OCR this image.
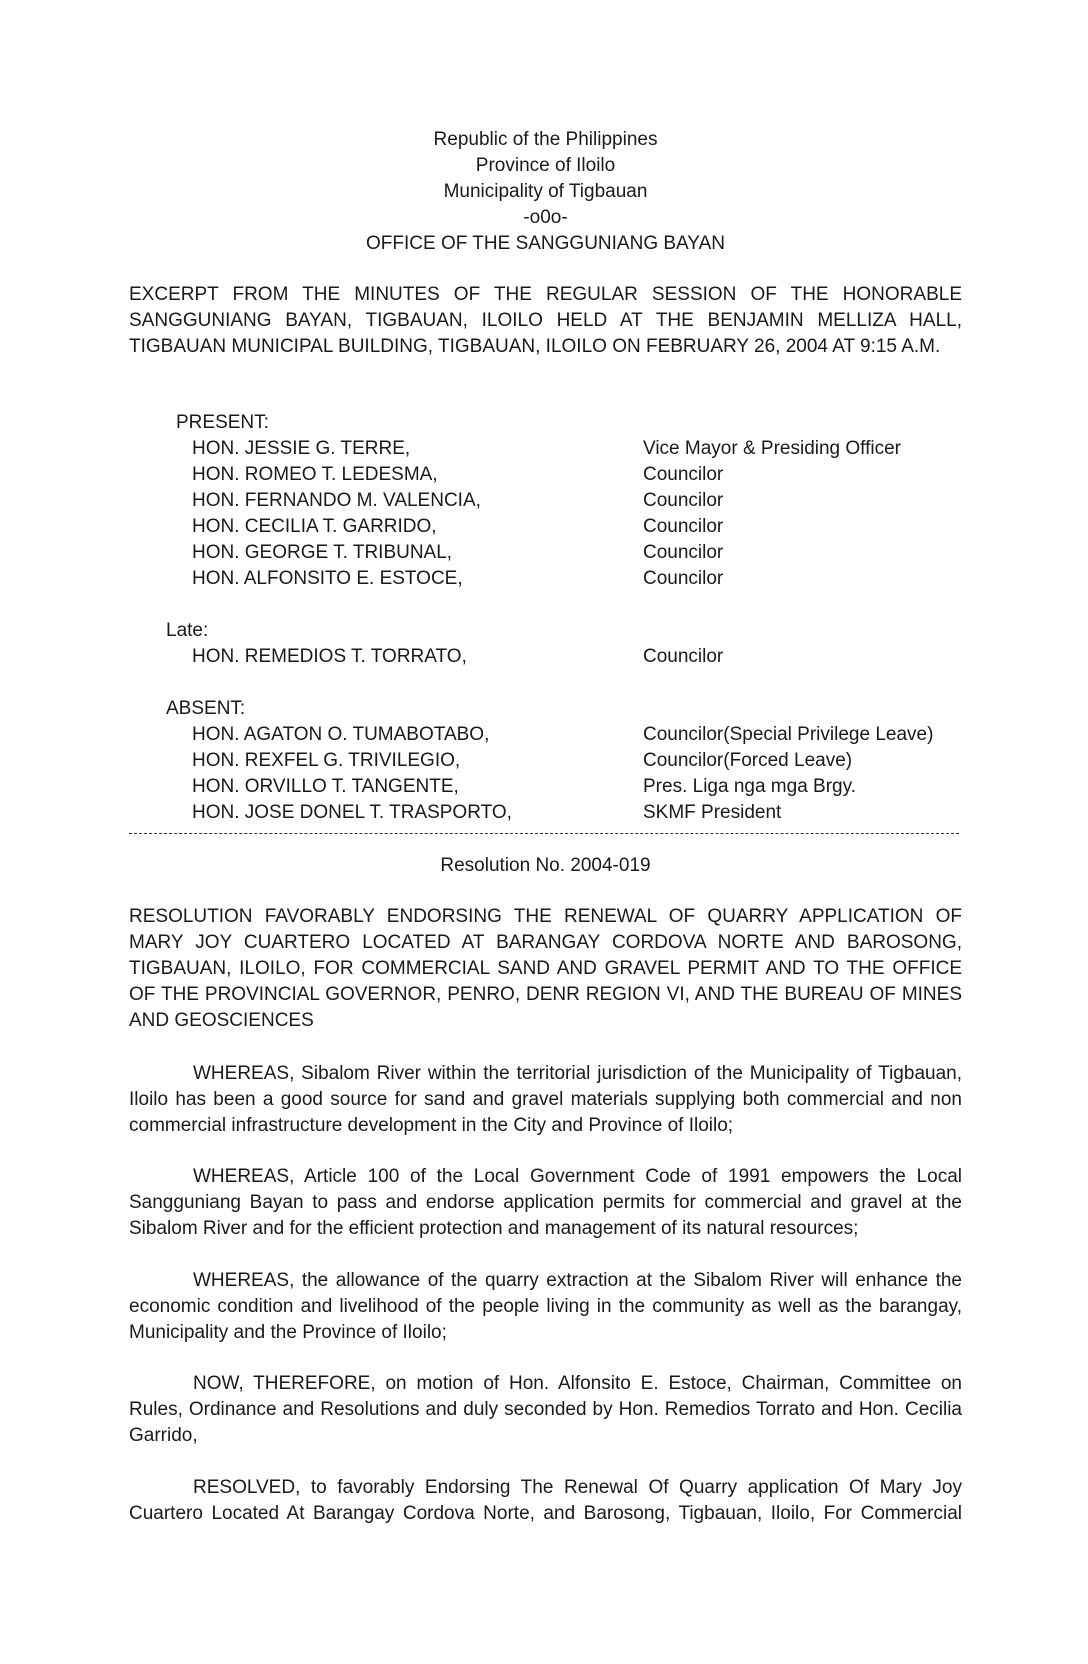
Republic of the Philippines
Province of Iloilo
Municipality of Tigbauan
-o0o-
OFFICE OF THE SANGGUNIANG BAYAN
EXCERPT FROM THE MINUTES OF THE REGULAR SESSION OF THE HONORABLE SANGGUNIANG BAYAN, TIGBAUAN, ILOILO HELD AT THE BENJAMIN MELLIZA HALL, TIGBAUAN MUNICIPAL BUILDING, TIGBAUAN, ILOILO ON FEBRUARY 26, 2004 AT 9:15 A.M.
PRESENT:
HON. JESSIE G. TERRE,	Vice Mayor & Presiding Officer
HON. ROMEO T. LEDESMA,	Councilor
HON. FERNANDO M. VALENCIA,	Councilor
HON. CECILIA T. GARRIDO,	Councilor
HON. GEORGE T. TRIBUNAL,	Councilor
HON. ALFONSITO E. ESTOCE,	Councilor
Late:
HON. REMEDIOS T. TORRATO,	Councilor
ABSENT:
HON. AGATON O. TUMABOTABO,	Councilor(Special Privilege Leave)
HON. REXFEL G. TRIVILEGIO,	Councilor(Forced Leave)
HON. ORVILLO T. TANGENTE,	Pres. Liga nga mga Brgy.
HON. JOSE DONEL T. TRASPORTO,	SKMF President
Resolution No. 2004-019
RESOLUTION FAVORABLY ENDORSING THE RENEWAL OF QUARRY APPLICATION OF MARY JOY CUARTERO LOCATED AT BARANGAY CORDOVA NORTE AND BAROSONG, TIGBAUAN, ILOILO, FOR COMMERCIAL SAND AND GRAVEL PERMIT AND TO THE OFFICE OF THE PROVINCIAL GOVERNOR, PENRO, DENR REGION VI, AND THE BUREAU OF MINES AND GEOSCIENCES
WHEREAS, Sibalom River within the territorial jurisdiction of the Municipality of Tigbauan, Iloilo has been a good source for sand and gravel materials supplying both commercial and non commercial infrastructure development in the City and Province of Iloilo;
WHEREAS, Article 100 of the Local Government Code of 1991 empowers the Local Sangguniang Bayan to pass and endorse application permits for commercial and gravel at the Sibalom River and for the efficient protection and management of its natural resources;
WHEREAS, the allowance of the quarry extraction at the Sibalom River will enhance the economic condition and livelihood of the people living in the community as well as the barangay, Municipality and the Province of Iloilo;
NOW, THEREFORE, on motion of Hon. Alfonsito E. Estoce, Chairman, Committee on Rules, Ordinance and Resolutions and duly seconded by Hon. Remedios Torrato and Hon. Cecilia Garrido,
RESOLVED, to favorably Endorsing The Renewal Of Quarry application Of Mary Joy Cuartero Located At Barangay Cordova Norte, and Barosong, Tigbauan, Iloilo, For Commercial
